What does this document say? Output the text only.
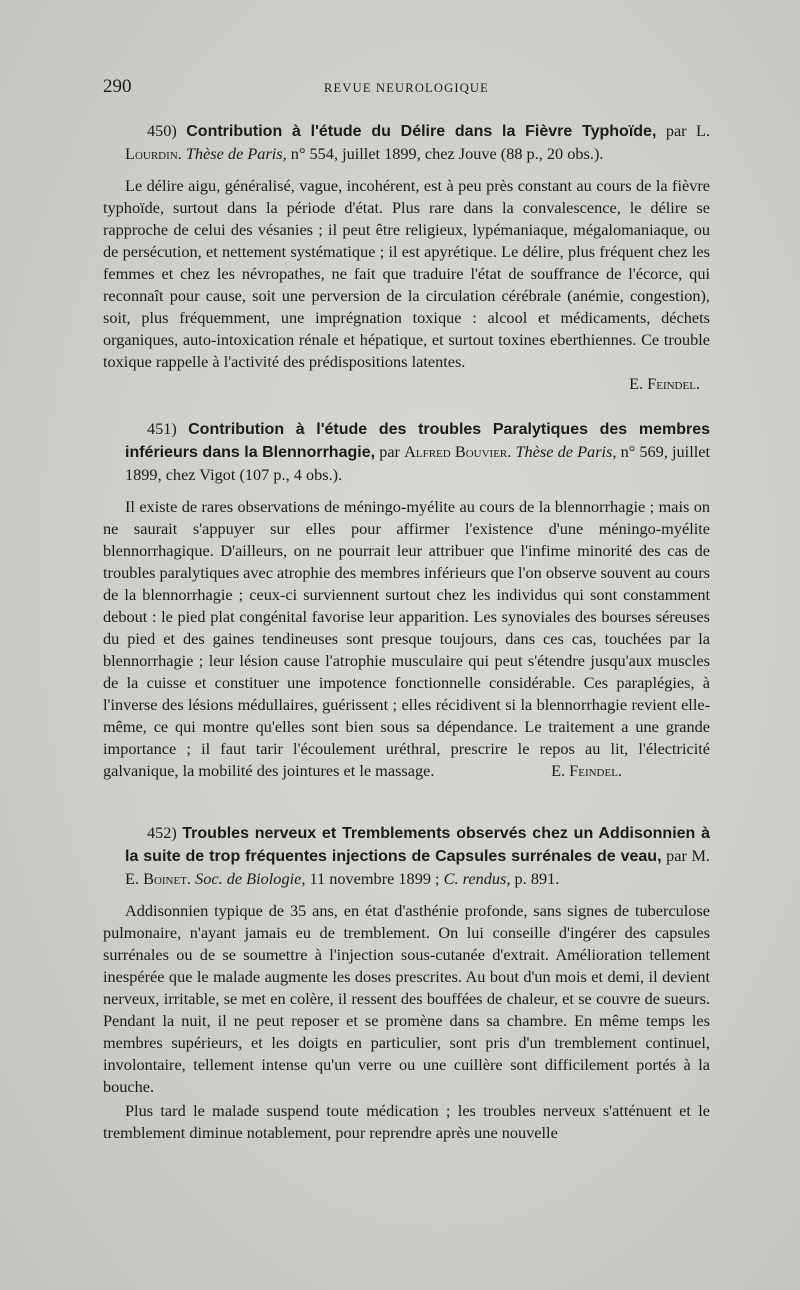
290	REVUE NEUROLOGIQUE

450) Contribution à l'étude du Délire dans la Fièvre Typhoïde, par L. Lourdin. Thèse de Paris, n° 554, juillet 1899, chez Jouve (88 p., 20 obs.).

Le délire aigu, généralisé, vague, incohérent, est à peu près constant au cours de la fièvre typhoïde, surtout dans la période d'état. Plus rare dans la convalescence, le délire se rapproche de celui des vésanies ; il peut être religieux, lypémaniaque, mégalomaniaque, ou de persécution, et nettement systématique ; il est apyrétique. Le délire, plus fréquent chez les femmes et chez les névropathes, ne fait que traduire l'état de souffrance de l'écorce, qui reconnaît pour cause, soit une perversion de la circulation cérébrale (anémie, congestion), soit, plus fréquemment, une imprégnation toxique : alcool et médicaments, déchets organiques, auto-intoxication rénale et hépatique, et surtout toxines eberthiennes. Ce trouble toxique rappelle à l'activité des prédispositions latentes.

E. Feindel.

451) Contribution à l'étude des troubles Paralytiques des membres inférieurs dans la Blennorrhagie, par Alfred Bouvier. Thèse de Paris, n° 569, juillet 1899, chez Vigot (107 p., 4 obs.).

Il existe de rares observations de méningo-myélite au cours de la blennorrhagie ; mais on ne saurait s'appuyer sur elles pour affirmer l'existence d'une méningo-myélite blennorrhagique. D'ailleurs, on ne pourrait leur attribuer que l'infime minorité des cas de troubles paralytiques avec atrophie des membres inférieurs que l'on observe souvent au cours de la blennorrhagie ; ceux-ci surviennent surtout chez les individus qui sont constamment debout : le pied plat congénital favorise leur apparition. Les synoviales des bourses séreuses du pied et des gaines tendineuses sont presque toujours, dans ces cas, touchées par la blennorrhagie ; leur lésion cause l'atrophie musculaire qui peut s'étendre jusqu'aux muscles de la cuisse et constituer une impotence fonctionnelle considérable. Ces paraplégies, à l'inverse des lésions médullaires, guérissent ; elles récidivent si la blennorrhagie revient elle-même, ce qui montre qu'elles sont bien sous sa dépendance. Le traitement a une grande importance ; il faut tarir l'écoulement uréthral, prescrire le repos au lit, l'électricité galvanique, la mobilité des jointures et le massage.	E. Feindel.

452) Troubles nerveux et Tremblements observés chez un Addisonnien à la suite de trop fréquentes injections de Capsules surrénales de veau, par M. E. Boinet. Soc. de Biologie, 11 novembre 1899 ; C. rendus, p. 891.

Addisonnien typique de 35 ans, en état d'asthénie profonde, sans signes de tuberculose pulmonaire, n'ayant jamais eu de tremblement. On lui conseille d'ingérer des capsules surrénales ou de se soumettre à l'injection sous-cutanée d'extrait. Amélioration tellement inespérée que le malade augmente les doses prescrites. Au bout d'un mois et demi, il devient nerveux, irritable, se met en colère, il ressent des bouffées de chaleur, et se couvre de sueurs. Pendant la nuit, il ne peut reposer et se promène dans sa chambre. En même temps les membres supérieurs, et les doigts en particulier, sont pris d'un tremblement continuel, involontaire, tellement intense qu'un verre ou une cuillère sont difficilement portés à la bouche.

Plus tard le malade suspend toute médication ; les troubles nerveux s'atténuent et le tremblement diminue notablement, pour reprendre après une nouvelle
